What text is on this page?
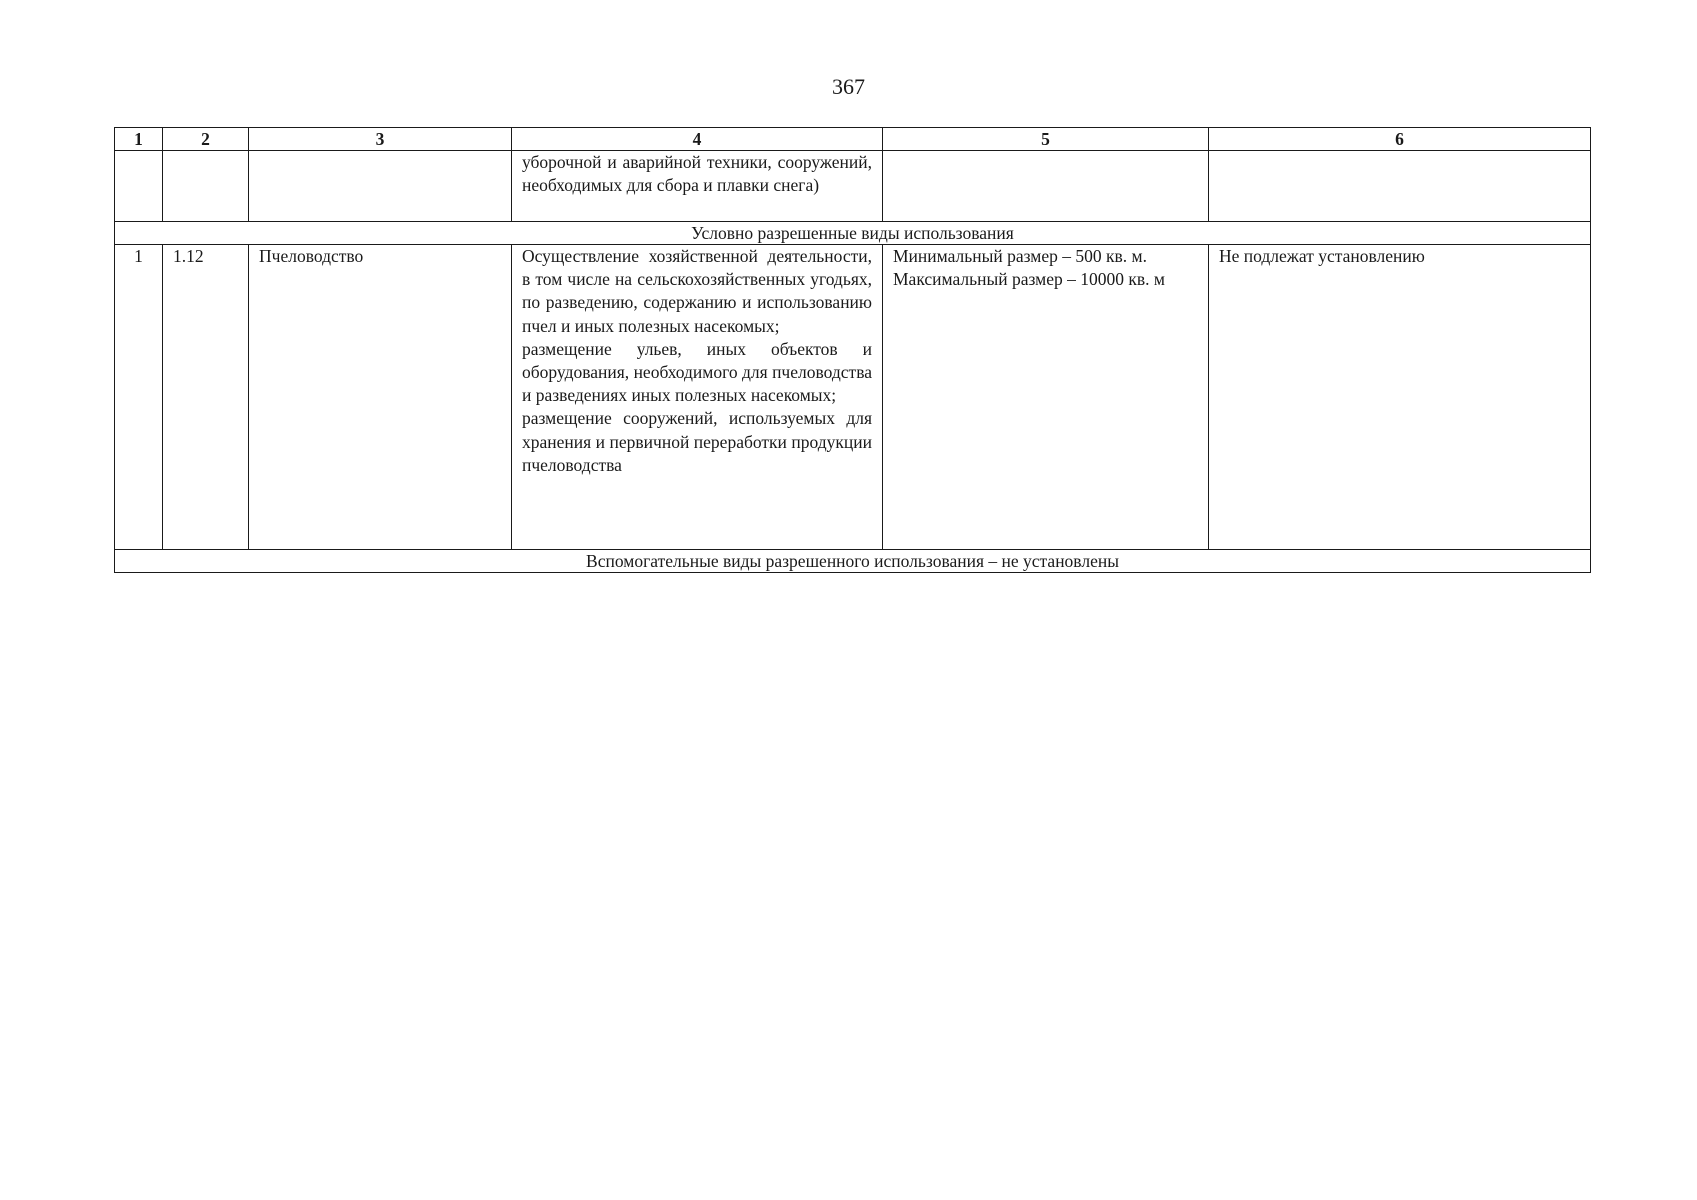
367
1	2	3	4	5	6

			уборочной и аварийной техники, сооружений, необходимых для сбора и плавки снега)		

Условно разрешенные виды использования					
1	1.12	Пчеловодство	Осуществление хозяйственной деятельности, в том числе на сельскохозяйственных угодьях, по разведению, содержанию и использованию пчел и иных полезных насекомых;
размещение ульев, иных объектов и оборудования, необходимого для пчеловодства и разведениях иных полезных насекомых;
размещение сооружений, используемых для хранения и первичной переработки продукции пчеловодства	Минимальный размер – 500 кв. м.
Максимальный размер – 10000 кв. м	Не подлежат установлению
Вспомогательные виды разрешенного использования – не установлены					
